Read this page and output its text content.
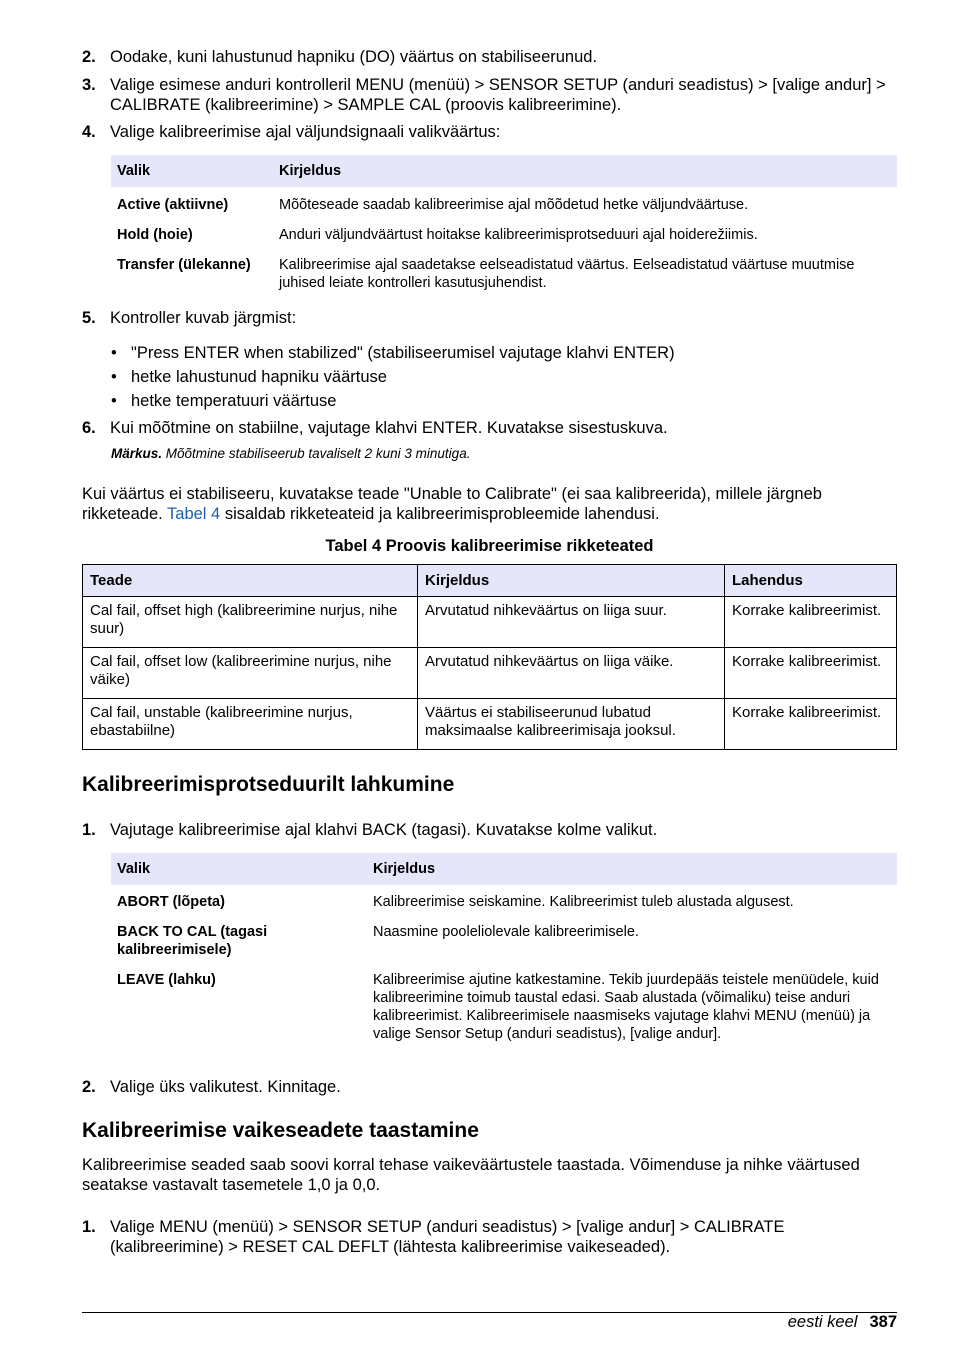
2. Oodake, kuni lahustunud hapniku (DO) väärtus on stabiliseerunud.
3. Valige esimese anduri kontrolleril MENU (menüü) > SENSOR SETUP (anduri seadistus) > [valige andur] > CALIBRATE (kalibreerimine) > SAMPLE CAL (proovis kalibreerimine).
4. Valige kalibreerimise ajal väljundsignaali valikväärtus:
Valik	Kirjeldus
Active (aktiivne)	Mõõteseade saadab kalibreerimise ajal mõõdetud hetke väljundväärtuse.
Hold (hoie)	Anduri väljundväärtust hoitakse kalibreerimisprotseduuri ajal hoiderežiimis.
Transfer (ülekanne)	Kalibreerimise ajal saadetakse eelseadistatud väärtus. Eelseadistatud väärtuse muutmise juhised leiate kontrolleri kasutusjuhendist.
5. Kontroller kuvab järgmist:
• "Press ENTER when stabilized" (stabiliseerumisel vajutage klahvi ENTER)
• hetke lahustunud hapniku väärtuse
• hetke temperatuuri väärtuse
6. Kui mõõtmine on stabiilne, vajutage klahvi ENTER. Kuvatakse sisestuskuva.
Märkus. Mõõtmine stabiliseerub tavaliselt 2 kuni 3 minutiga.
Kui väärtus ei stabiliseeru, kuvatakse teade "Unable to Calibrate" (ei saa kalibreerida), millele järgneb rikketeade. Tabel 4 sisaldab rikketeateid ja kalibreerimisprobleemide lahendusi.
Tabel 4 Proovis kalibreerimise rikketeated
Teade	Kirjeldus	Lahendus
Cal fail, offset high (kalibreerimine nurjus, nihe suur)	Arvutatud nihkeväärtus on liiga suur.	Korrake kalibreerimist.
Cal fail, offset low (kalibreerimine nurjus, nihe väike)	Arvutatud nihkeväärtus on liiga väike.	Korrake kalibreerimist.
Cal fail, unstable (kalibreerimine nurjus, ebastabiilne)	Väärtus ei stabiliseerunud lubatud maksimaalse kalibreerimisaja jooksul.	Korrake kalibreerimist.
Kalibreerimisprotseduurilt lahkumine
1. Vajutage kalibreerimise ajal klahvi BACK (tagasi). Kuvatakse kolme valikut.
Valik	Kirjeldus
ABORT (lõpeta)	Kalibreerimise seiskamine. Kalibreerimist tuleb alustada algusest.
BACK TO CAL (tagasi kalibreerimisele)	Naasmine pooleliolevale kalibreerimisele.
LEAVE (lahku)	Kalibreerimise ajutine katkestamine. Tekib juurdepääs teistele menüüdele, kuid kalibreerimine toimub taustal edasi. Saab alustada (võimaliku) teise anduri kalibreerimist. Kalibreerimisele naasmiseks vajutage klahvi MENU (menüü) ja valige Sensor Setup (anduri seadistus), [valige andur].
2. Valige üks valikutest. Kinnitage.
Kalibreerimise vaikeseadete taastamine
Kalibreerimise seaded saab soovi korral tehase vaikeväärtustele taastada. Võimenduse ja nihke väärtused seatakse vastavalt tasemetele 1,0 ja 0,0.
1. Valige MENU (menüü) > SENSOR SETUP (anduri seadistus) > [valige andur] > CALIBRATE (kalibreerimine) > RESET CAL DEFLT (lähtesta kalibreerimise vaikeseaded).
eesti keel 387
